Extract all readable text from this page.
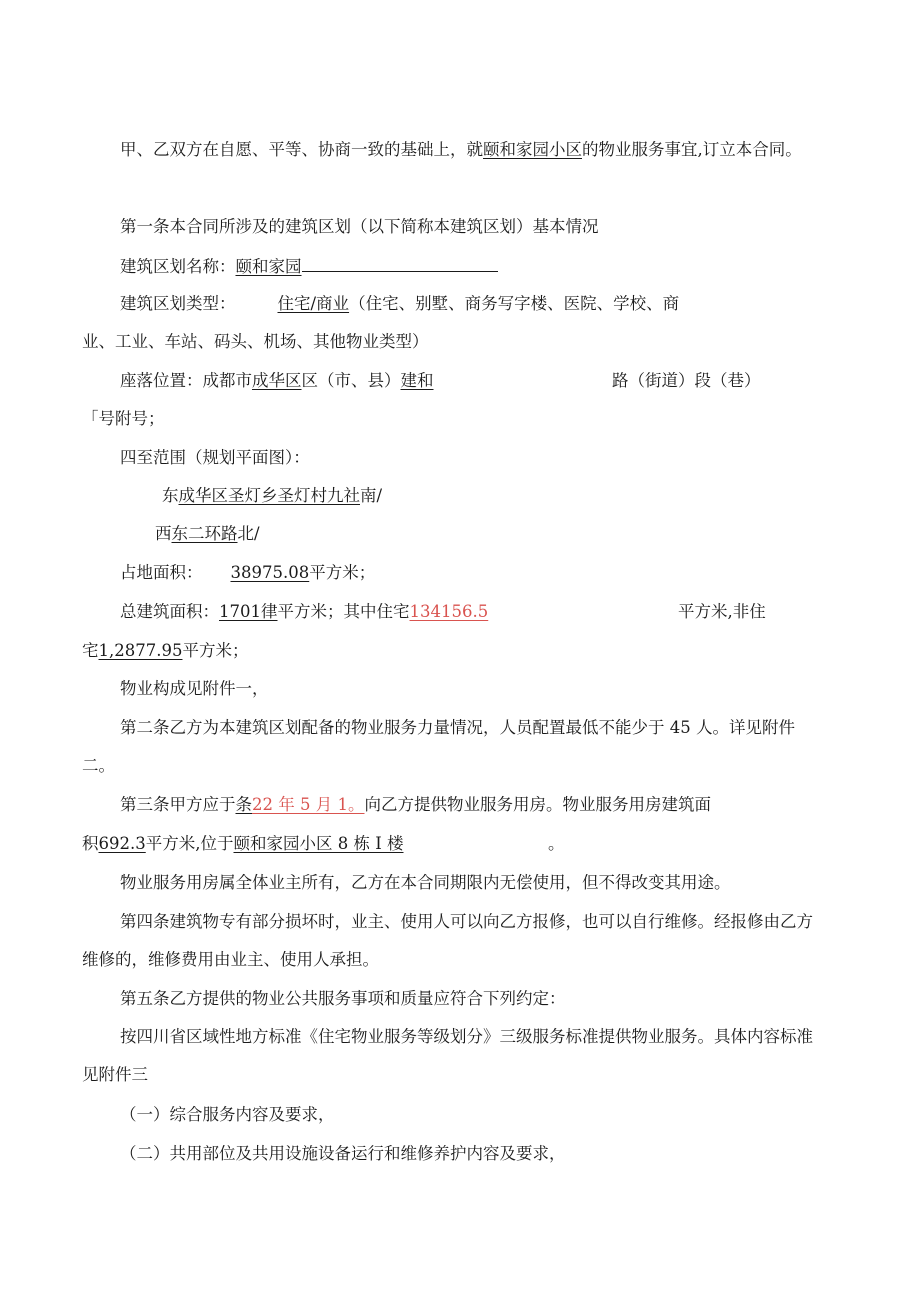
甲、乙双方在自愿、平等、协商一致的基础上，就颐和家园小区的物业服务事宜,订立本合同。
第一条本合同所涉及的建筑区划（以下简称本建筑区划）基本情况
建筑区划名称：颐和家园
建筑区划类型：	住宅/商业（住宅、别墅、商务写字楼、医院、学校、商
业、工业、车站、码头、机场、其他物业类型）
座落位置：成都市成华区区（市、县）建和	路（街道）段（巷）
「号附号；
四至范围（规划平面图）：
东成华区圣灯乡圣灯村九社南/
西东二环路北/
占地面积： 38975.08平方米；
总建筑面积：1701律平方米；其中住宅134156.5	平方米,非住
宅1,2877.95平方米；
物业构成见附件一，
第二条乙方为本建筑区划配备的物业服务力量情况，人员配置最低不能少于 45 人。详见附件
二。
第三条甲方应于条22 年 5 月 1。向乙方提供物业服务用房。物业服务用房建筑面
积692.3平方米,位于颐和家园小区 8 栋 I 楼	。
物业服务用房属全体业主所有，乙方在本合同期限内无偿使用，但不得改变其用途。
第四条建筑物专有部分损坏时，业主、使用人可以向乙方报修，也可以自行维修。经报修由乙方
维修的，维修费用由业主、使用人承担。
第五条乙方提供的物业公共服务事项和质量应符合下列约定：
按四川省区域性地方标准《住宅物业服务等级划分》三级服务标准提供物业服务。具体内容标准
见附件三
（一）综合服务内容及要求，
（二）共用部位及共用设施设备运行和维修养护内容及要求，
